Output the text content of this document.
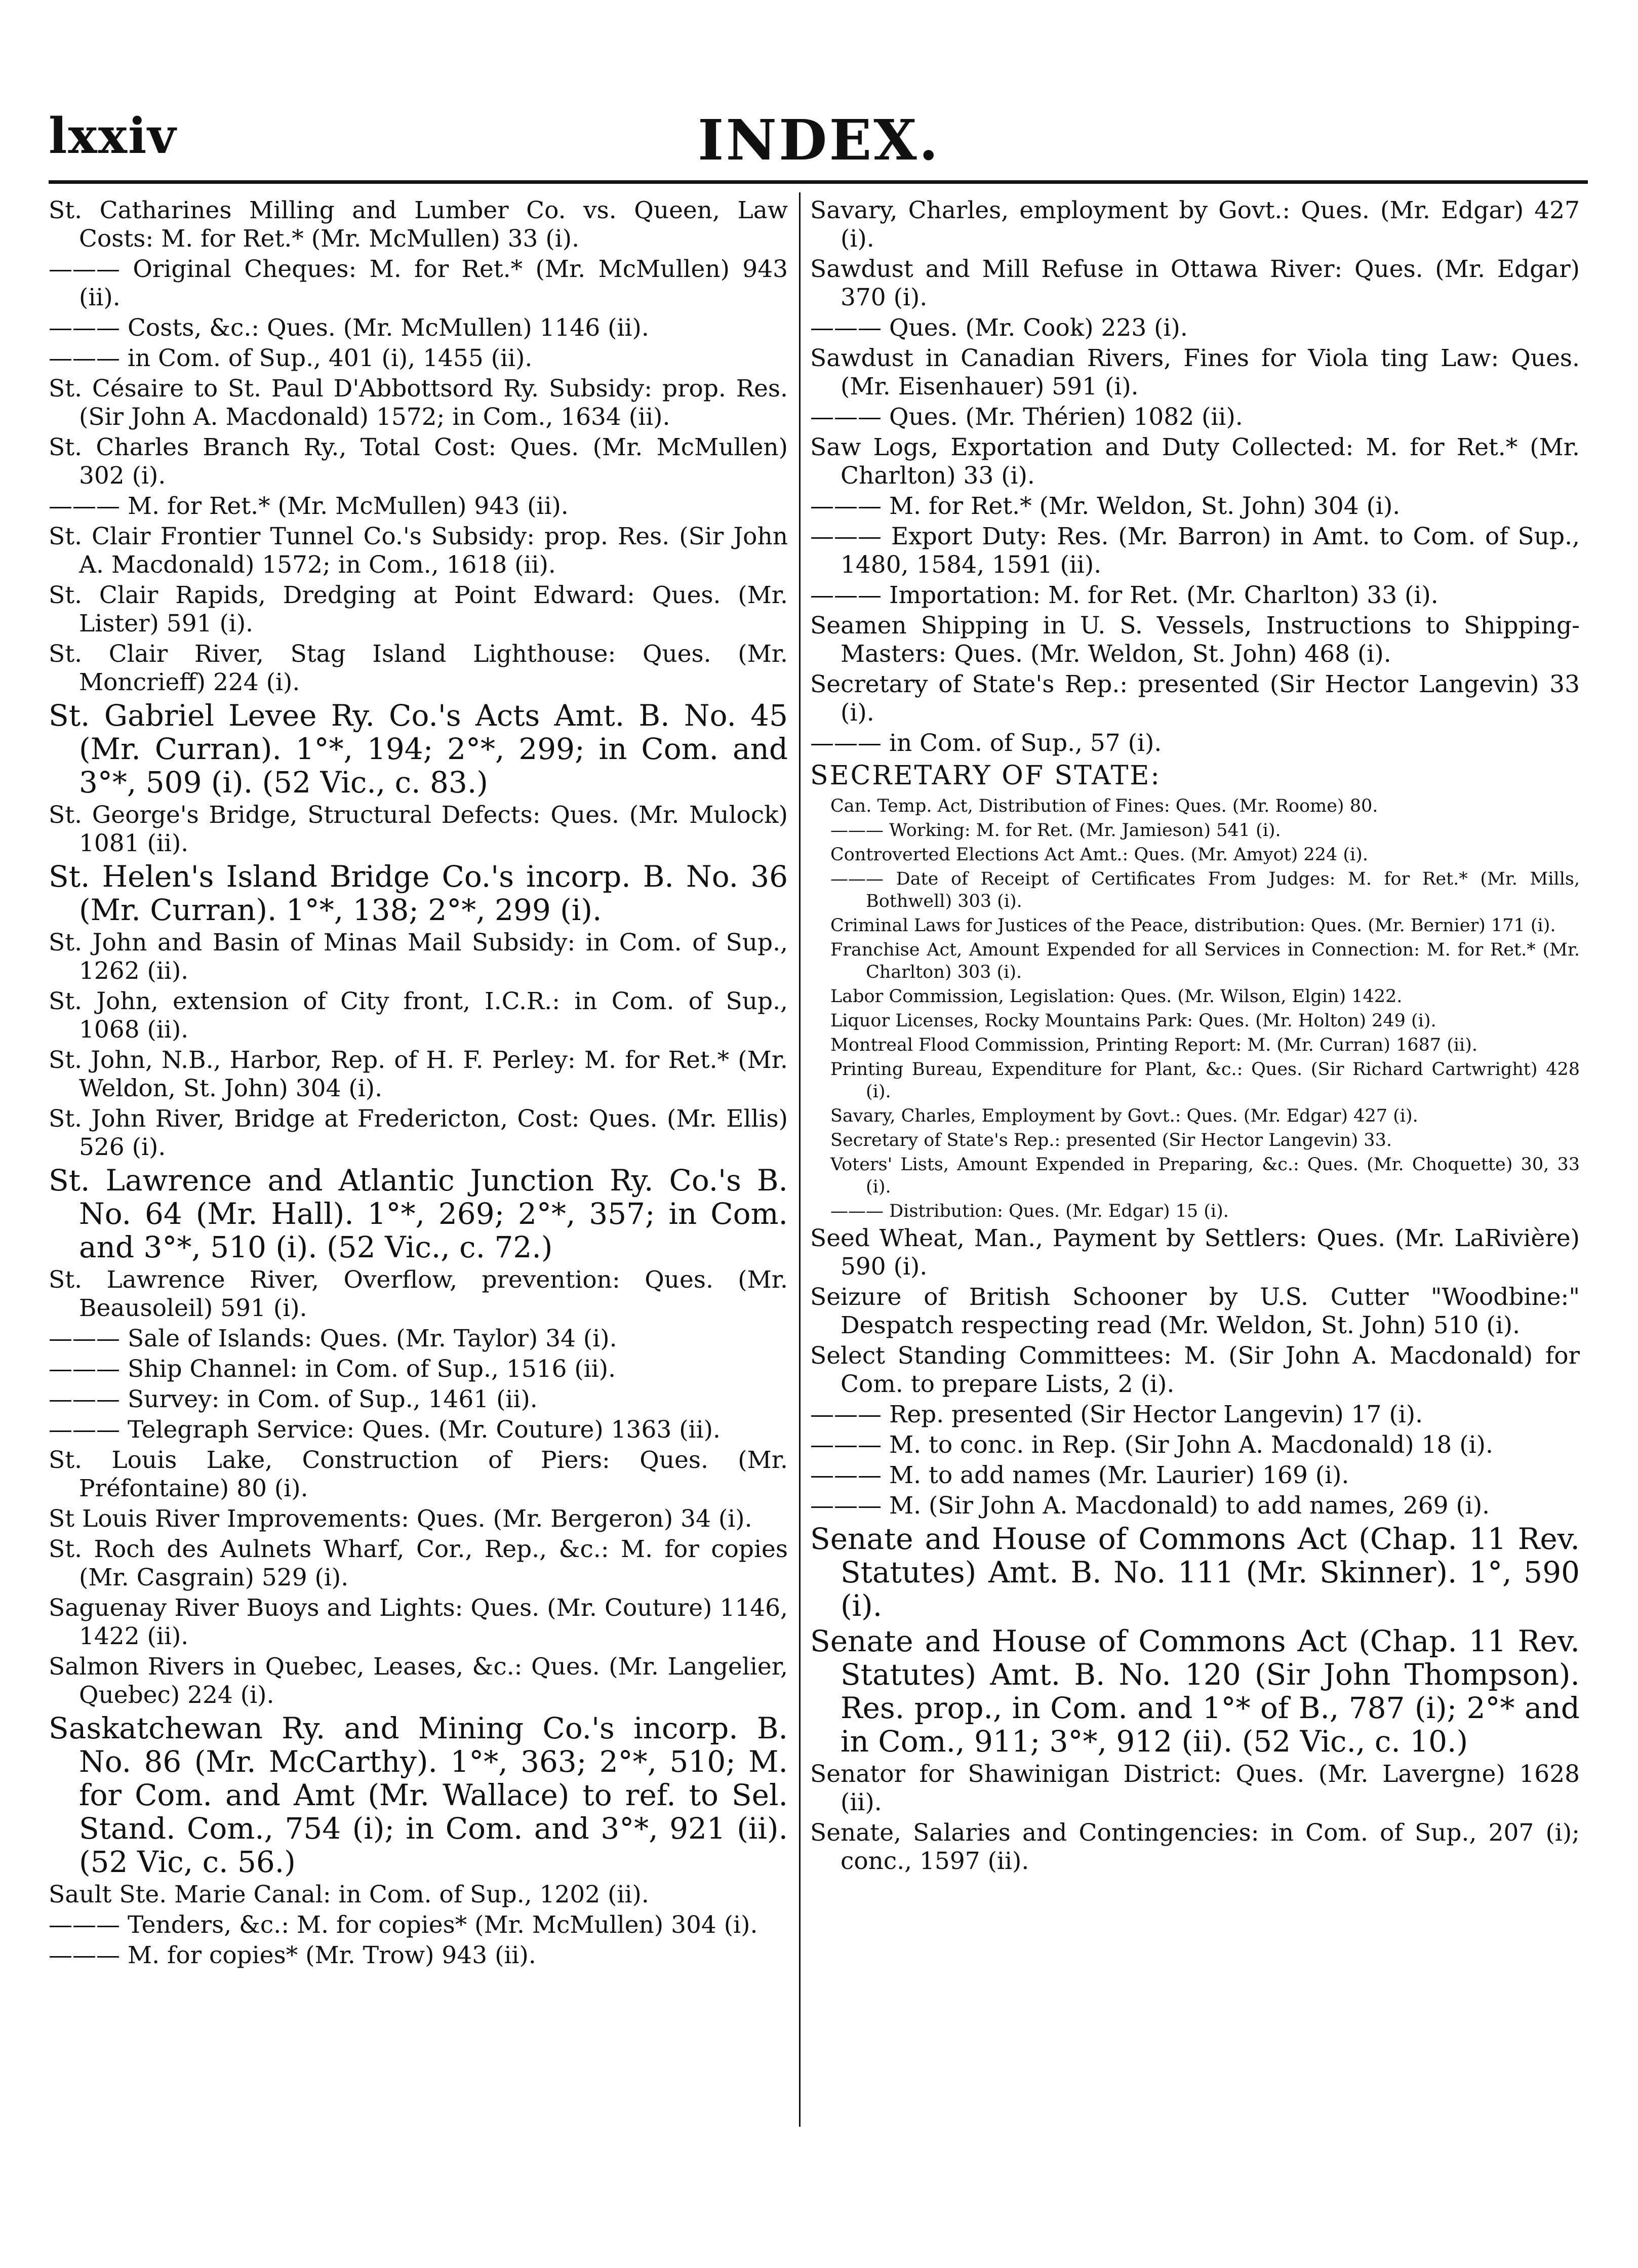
lxxiv	INDEX.

St. Catharines Milling and Lumber Co. vs. Queen, Law Costs: M. for Ret.* (Mr. McMullen) 33 (i).

——— Original Cheques: M. for Ret.* (Mr. McMullen) 943 (ii).

——— Costs, &c.: Ques. (Mr. McMullen) 1146 (ii).

——— in Com. of Sup., 401 (i), 1455 (ii).

St. Césaire to St. Paul D'Abbottsord Ry. Subsidy: prop. Res. (Sir John A. Macdonald) 1572; in Com., 1634 (ii).

St. Charles Branch Ry., Total Cost: Ques. (Mr. McMullen) 302 (i).

——— M. for Ret.* (Mr. McMullen) 943 (ii).

St. Clair Frontier Tunnel Co.'s Subsidy: prop. Res. (Sir John A. Macdonald) 1572; in Com., 1618 (ii).

St. Clair Rapids, Dredging at Point Edward: Ques. (Mr. Lister) 591 (i).

St. Clair River, Stag Island Lighthouse: Ques. (Mr. Moncrieff) 224 (i).

St. Gabriel Levee Ry. Co.'s Acts Amt. B. No. 45 (Mr. Curran). 1°*, 194; 2°*, 299; in Com. and 3°*, 509 (i). (52 Vic., c. 83.)

St. George's Bridge, Structural Defects: Ques. (Mr. Mulock) 1081 (ii).

St. Helen's Island Bridge Co.'s incorp. B. No. 36 (Mr. Curran). 1°*, 138; 2°*, 299 (i).

St. John and Basin of Minas Mail Subsidy: in Com. of Sup., 1262 (ii).

St. John, extension of City front, I.C.R.: in Com. of Sup., 1068 (ii).

St. John, N.B., Harbor, Rep. of H. F. Perley: M. for Ret.* (Mr. Weldon, St. John) 304 (i).

St. John River, Bridge at Fredericton, Cost: Ques. (Mr. Ellis) 526 (i).

St. Lawrence and Atlantic Junction Ry. Co.'s B. No. 64 (Mr. Hall). 1°*, 269; 2°*, 357; in Com. and 3°*, 510 (i). (52 Vic., c. 72.)

St. Lawrence River, Overflow, prevention: Ques. (Mr. Beausoleil) 591 (i).

——— Sale of Islands: Ques. (Mr. Taylor) 34 (i).

——— Ship Channel: in Com. of Sup., 1516 (ii).

——— Survey: in Com. of Sup., 1461 (ii).

——— Telegraph Service: Ques. (Mr. Couture) 1363 (ii).

St. Louis Lake, Construction of Piers: Ques. (Mr. Préfontaine) 80 (i).

St Louis River Improvements: Ques. (Mr. Bergeron) 34 (i).

St. Roch des Aulnets Wharf, Cor., Rep., &c.: M. for copies (Mr. Casgrain) 529 (i).

Saguenay River Buoys and Lights: Ques. (Mr. Couture) 1146, 1422 (ii).

Salmon Rivers in Quebec, Leases, &c.: Ques. (Mr. Langelier, Quebec) 224 (i).

Saskatchewan Ry. and Mining Co.'s incorp. B. No. 86 (Mr. McCarthy). 1°*, 363; 2°*, 510; M. for Com. and Amt (Mr. Wallace) to ref. to Sel. Stand. Com., 754 (i); in Com. and 3°*, 921 (ii). (52 Vic, c. 56.)

Sault Ste. Marie Canal: in Com. of Sup., 1202 (ii).

——— Tenders, &c.: M. for copies* (Mr. McMullen) 304 (i).

——— M. for copies* (Mr. Trow) 943 (ii).

Savary, Charles, employment by Govt.: Ques. (Mr. Edgar) 427 (i).

Sawdust and Mill Refuse in Ottawa River: Ques. (Mr. Edgar) 370 (i).

——— Ques. (Mr. Cook) 223 (i).

Sawdust in Canadian Rivers, Fines for Viola ting Law: Ques. (Mr. Eisenhauer) 591 (i).

——— Ques. (Mr. Thérien) 1082 (ii).

Saw Logs, Exportation and Duty Collected: M. for Ret.* (Mr. Charlton) 33 (i).

——— M. for Ret.* (Mr. Weldon, St. John) 304 (i).

——— Export Duty: Res. (Mr. Barron) in Amt. to Com. of Sup., 1480, 1584, 1591 (ii).

——— Importation: M. for Ret. (Mr. Charlton) 33 (i).

Seamen Shipping in U. S. Vessels, Instructions to Shipping-Masters: Ques. (Mr. Weldon, St. John) 468 (i).

Secretary of State's Rep.: presented (Sir Hector Langevin) 33 (i).

——— in Com. of Sup., 57 (i).

SECRETARY OF STATE:

Can. Temp. Act, Distribution of Fines: Ques. (Mr. Roome) 80.

——— Working: M. for Ret. (Mr. Jamieson) 541 (i).

Controverted Elections Act Amt.: Ques. (Mr. Amyot) 224 (i).

——— Date of Receipt of Certificates From Judges: M. for Ret.* (Mr. Mills, Bothwell) 303 (i).

Criminal Laws for Justices of the Peace, distribution: Ques. (Mr. Bernier) 171 (i).

Franchise Act, Amount Expended for all Services in Connection: M. for Ret.* (Mr. Charlton) 303 (i).

Labor Commission, Legislation: Ques. (Mr. Wilson, Elgin) 1422.

Liquor Licenses, Rocky Mountains Park: Ques. (Mr. Holton) 249 (i).

Montreal Flood Commission, Printing Report: M. (Mr. Curran) 1687 (ii).

Printing Bureau, Expenditure for Plant, &c.: Ques. (Sir Richard Cartwright) 428 (i).

Savary, Charles, Employment by Govt.: Ques. (Mr. Edgar) 427 (i).

Secretary of State's Rep.: presented (Sir Hector Langevin) 33.

Voters' Lists, Amount Expended in Preparing, &c.: Ques. (Mr. Choquette) 30, 33 (i).

——— Distribution: Ques. (Mr. Edgar) 15 (i).

Seed Wheat, Man., Payment by Settlers: Ques. (Mr. LaRivière) 590 (i).

Seizure of British Schooner by U.S. Cutter "Woodbine:" Despatch respecting read (Mr. Weldon, St. John) 510 (i).

Select Standing Committees: M. (Sir John A. Macdonald) for Com. to prepare Lists, 2 (i).

——— Rep. presented (Sir Hector Langevin) 17 (i).

——— M. to conc. in Rep. (Sir John A. Macdonald) 18 (i).

——— M. to add names (Mr. Laurier) 169 (i).

——— M. (Sir John A. Macdonald) to add names, 269 (i).

Senate and House of Commons Act (Chap. 11 Rev. Statutes) Amt. B. No. 111 (Mr. Skinner). 1°, 590 (i).

Senate and House of Commons Act (Chap. 11 Rev. Statutes) Amt. B. No. 120 (Sir John Thompson). Res. prop., in Com. and 1°* of B., 787 (i); 2°* and in Com., 911; 3°*, 912 (ii). (52 Vic., c. 10.)

Senator for Shawinigan District: Ques. (Mr. Lavergne) 1628 (ii).

Senate, Salaries and Contingencies: in Com. of Sup., 207 (i); conc., 1597 (ii).
